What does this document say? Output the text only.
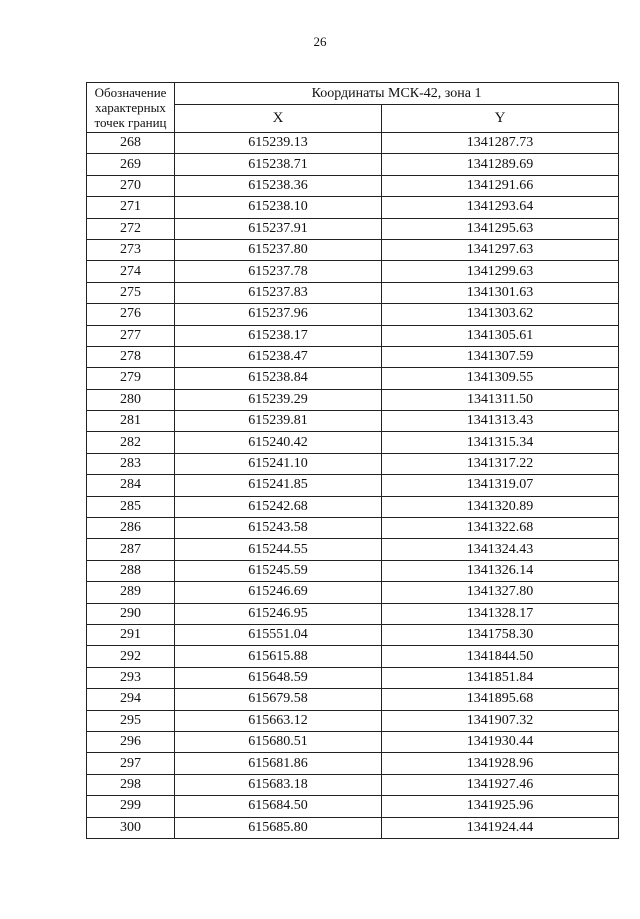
26
Обозначение характерных точек границ	Координаты МСК-42, зона 1	
	X	Y
268	615239.13	1341287.73
269	615238.71	1341289.69
270	615238.36	1341291.66
271	615238.10	1341293.64
272	615237.91	1341295.63
273	615237.80	1341297.63
274	615237.78	1341299.63
275	615237.83	1341301.63
276	615237.96	1341303.62
277	615238.17	1341305.61
278	615238.47	1341307.59
279	615238.84	1341309.55
280	615239.29	1341311.50
281	615239.81	1341313.43
282	615240.42	1341315.34
283	615241.10	1341317.22
284	615241.85	1341319.07
285	615242.68	1341320.89
286	615243.58	1341322.68
287	615244.55	1341324.43
288	615245.59	1341326.14
289	615246.69	1341327.80
290	615246.95	1341328.17
291	615551.04	1341758.30
292	615615.88	1341844.50
293	615648.59	1341851.84
294	615679.58	1341895.68
295	615663.12	1341907.32
296	615680.51	1341930.44
297	615681.86	1341928.96
298	615683.18	1341927.46
299	615684.50	1341925.96
300	615685.80	1341924.44
